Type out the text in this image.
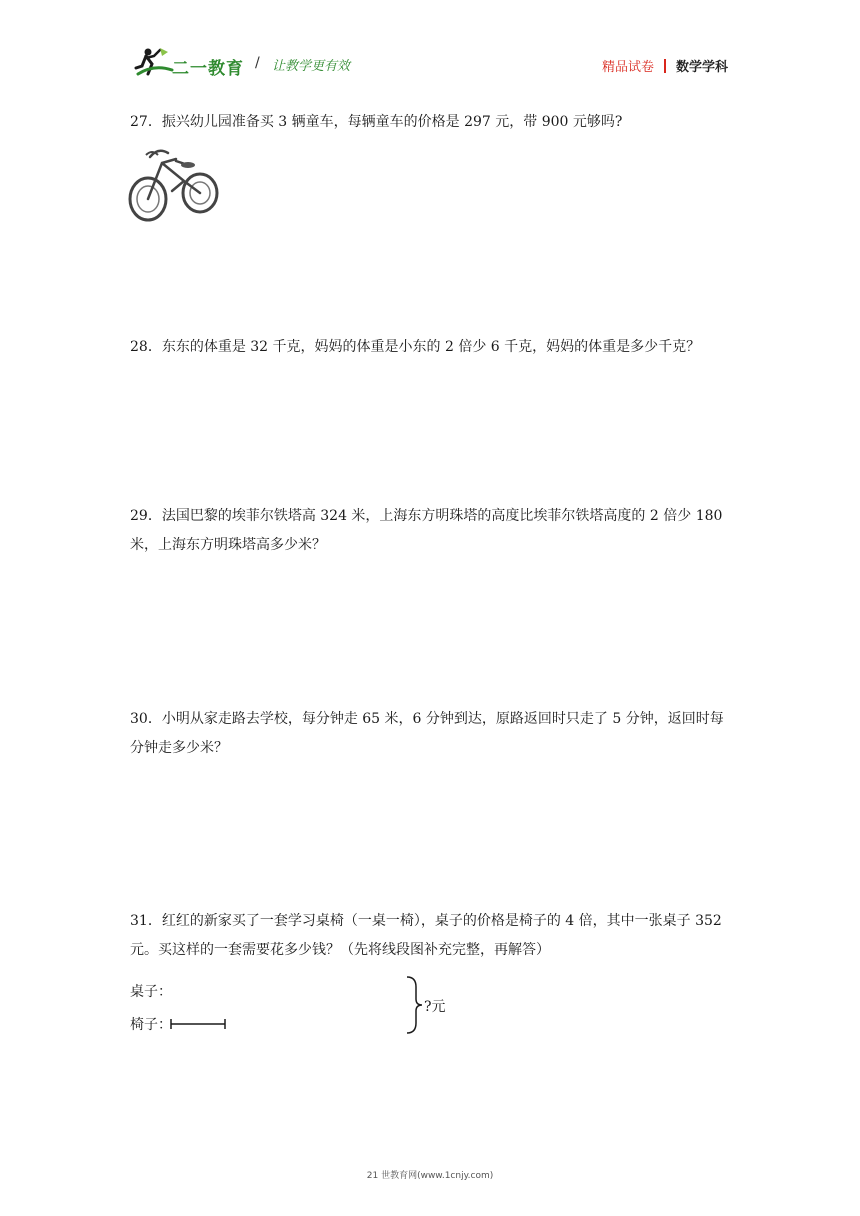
二一教育 / 让教学更有效	精品试卷 数学学科
27．振兴幼儿园准备买 3 辆童车，每辆童车的价格是 297 元，带 900 元够吗?
28．东东的体重是 32 千克，妈妈的体重是小东的 2 倍少 6 千克，妈妈的体重是多少千克？
29．法国巴黎的埃菲尔铁塔高 324 米，上海东方明珠塔的高度比埃菲尔铁塔高度的 2 倍少 180 米，上海东方明珠塔高多少米？
30．小明从家走路去学校，每分钟走 65 米，6 分钟到达，原路返回时只走了 5 分钟，返回时每分钟走多少米？
31．红红的新家买了一套学习桌椅（一桌一椅），桌子的价格是椅子的 4 倍，其中一张桌子 352 元。买这样的一套需要花多少钱？（先将线段图补充完整，再解答）
桌子：
椅子：
?元
21 世教育网(www.1cnjy.com)
